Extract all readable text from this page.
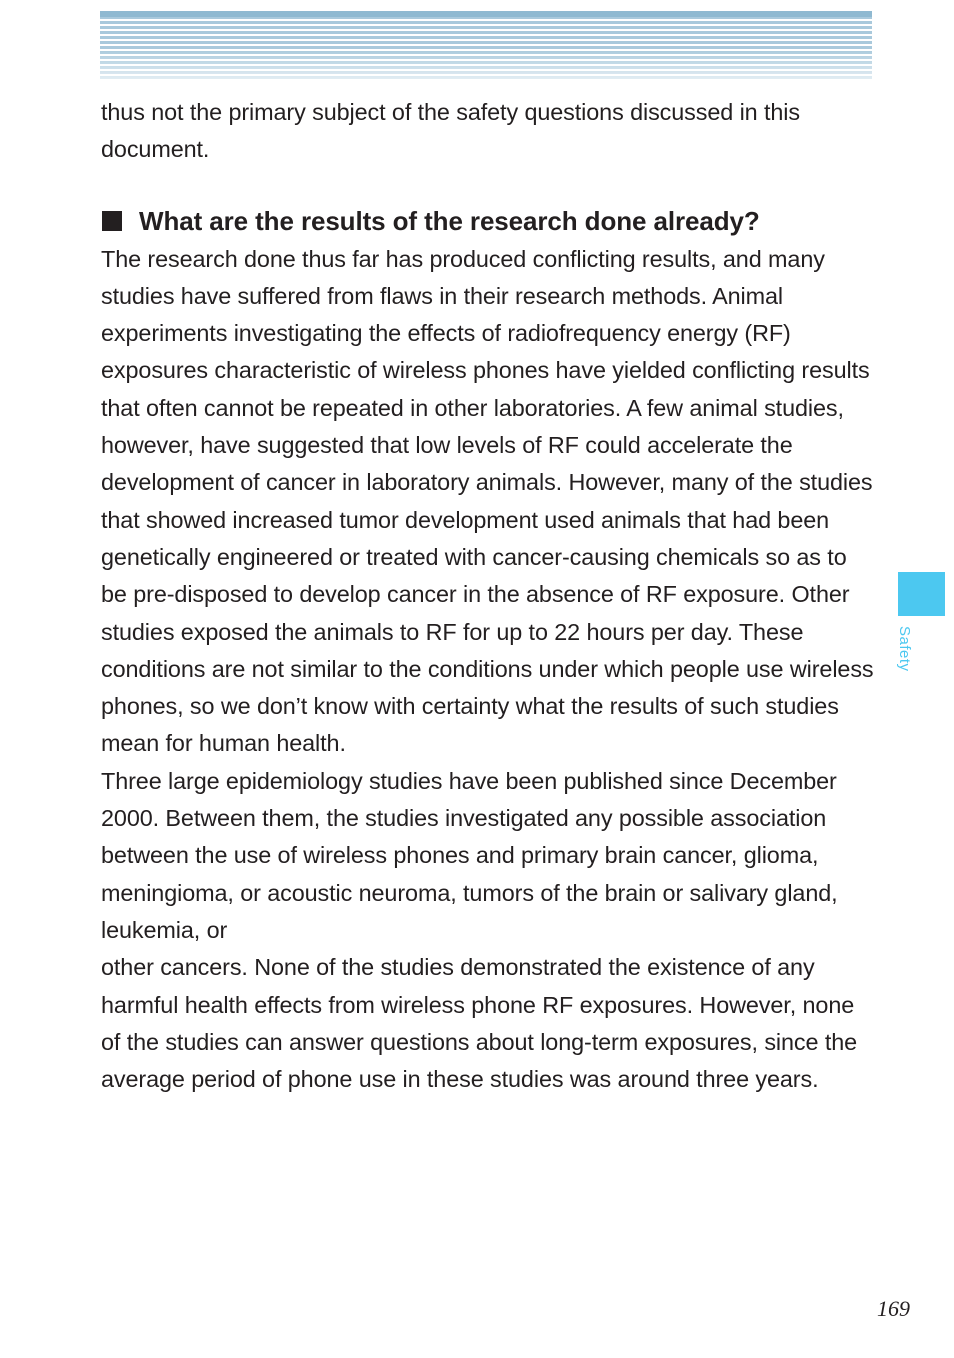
thus not the primary subject of the safety questions discussed in this document.

What are the results of the research done already?

The research done thus far has produced conflicting results, and many studies have suffered from flaws in their research methods. Animal experiments investigating the effects of radiofrequency energy (RF) exposures characteristic of wireless phones have yielded conflicting results that often cannot be repeated in other laboratories. A few animal studies, however, have suggested that low levels of RF could accelerate the development of cancer in laboratory animals. However, many of the studies that showed increased tumor development used animals that had been genetically engineered or treated with cancer-causing chemicals so as to be pre-disposed to develop cancer in the absence of RF exposure. Other studies exposed the animals to RF for up to 22 hours per day. These conditions are not similar to the conditions under which people use wireless phones, so we don’t know with certainty what the results of such studies mean for human health.

Three large epidemiology studies have been published since December 2000. Between them, the studies investigated any possible association between the use of wireless phones and primary brain cancer, glioma, meningioma, or acoustic neuroma, tumors of the brain or salivary gland, leukemia, or

other cancers. None of the studies demonstrated the existence of any harmful health effects from wireless phone RF exposures. However, none of the studies can answer questions about long-term exposures, since the average period of phone use in these studies was around three years.

Safety
169
